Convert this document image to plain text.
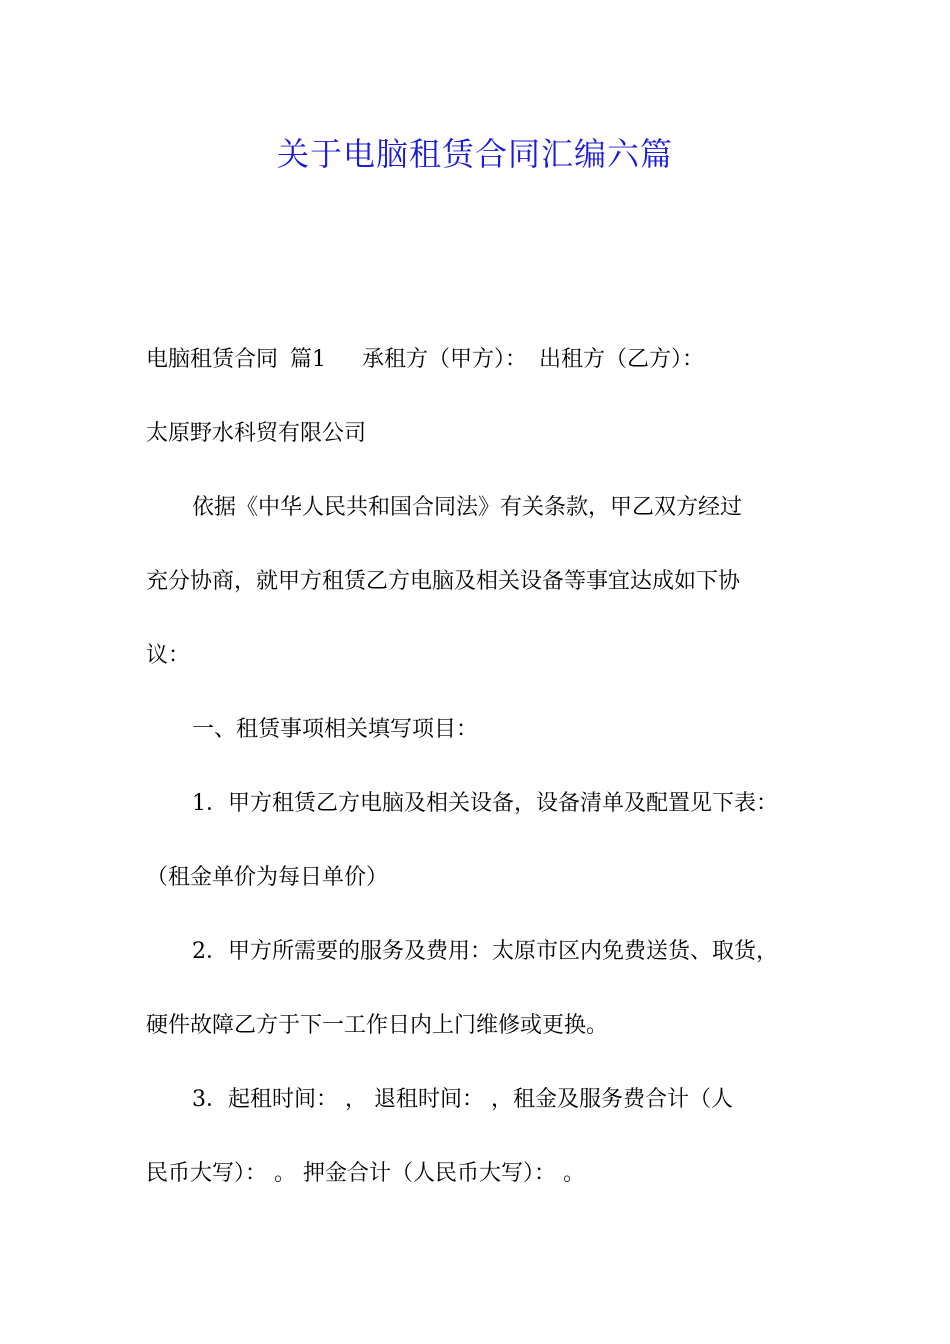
关于电脑租赁合同汇编六篇
电脑租赁合同 篇1 承租方（甲方）： 出租方（乙方）：
太原野水科贸有限公司
依据《中华人民共和国合同法》有关条款，甲乙双方经过
充分协商，就甲方租赁乙方电脑及相关设备等事宜达成如下协
议：
一、租赁事项相关填写项目：
1．甲方租赁乙方电脑及相关设备，设备清单及配置见下表：
（租金单价为每日单价）
2．甲方所需要的服务及费用：太原市区内免费送货、取货，
硬件故障乙方于下一工作日内上门维修或更换。
3．起租时间： ， 退租时间： ，租金及服务费合计（人
民币大写）： 。 押金合计（人民币大写）： 。
